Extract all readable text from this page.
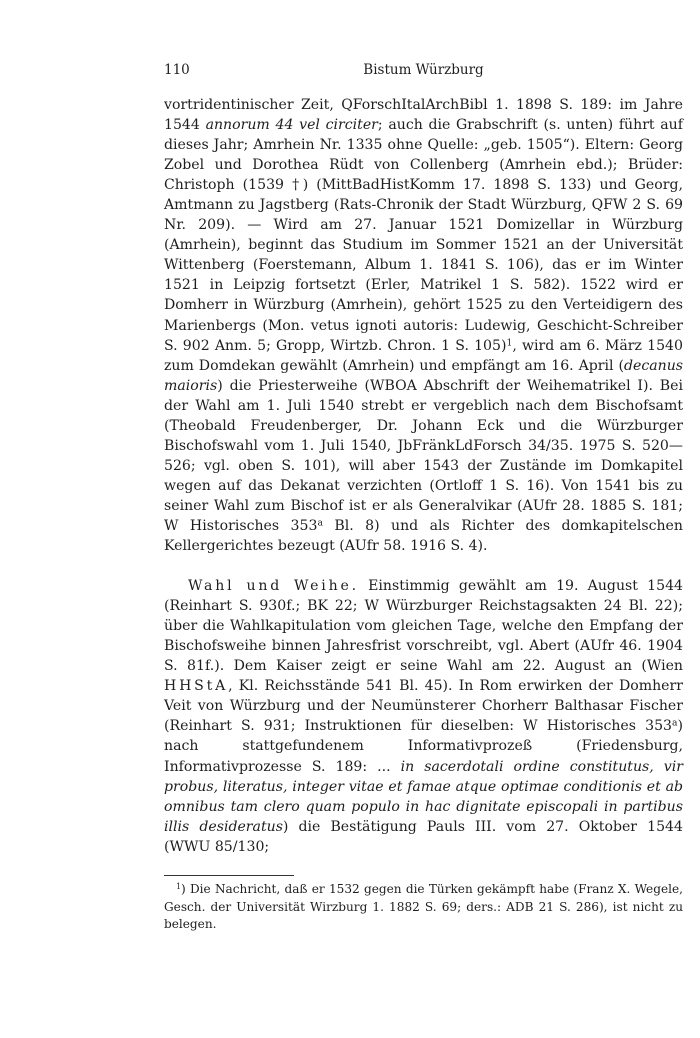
110	Bistum Würzburg

vortridentinischer Zeit, QForschItalArchBibl 1. 1898 S. 189: im Jahre 1544 annorum 44 vel circiter; auch die Grabschrift (s. unten) führt auf dieses Jahr; Amrhein Nr. 1335 ohne Quelle: „geb. 1505“). Eltern: Georg Zobel und Dorothea Rüdt von Collenberg (Amrhein ebd.); Brüder: Christoph (1539 †) (MittBadHistKomm 17. 1898 S. 133) und Georg, Amtmann zu Jagstberg (Rats-Chronik der Stadt Würzburg, QFW 2 S. 69 Nr. 209). — Wird am 27. Januar 1521 Domizellar in Würzburg (Amrhein), beginnt das Studium im Sommer 1521 an der Universität Wittenberg (Foerstemann, Album 1. 1841 S. 106), das er im Winter 1521 in Leipzig fortsetzt (Erler, Matrikel 1 S. 582). 1522 wird er Domherr in Würzburg (Amrhein), gehört 1525 zu den Verteidigern des Marienbergs (Mon. vetus ignoti autoris: Ludewig, Geschicht-Schreiber S. 902 Anm. 5; Gropp, Wirtzb. Chron. 1 S. 105)$^1$, wird am 6. März 1540 zum Domdekan gewählt (Amrhein) und empfängt am 16. April (decanus maioris) die Priesterweihe (WBOA Abschrift der Weihematrikel I). Bei der Wahl am 1. Juli 1540 strebt er vergeblich nach dem Bischofsamt (Theobald Freudenberger, Dr. Johann Eck und die Würzburger Bischofswahl vom 1. Juli 1540, JbFränkLdForsch 34/35. 1975 S. 520—526; vgl. oben S. 101), will aber 1543 der Zustände im Domkapitel wegen auf das Dekanat verzichten (Ortloff 1 S. 16). Von 1541 bis zu seiner Wahl zum Bischof ist er als Generalvikar (AUfr 28. 1885 S. 181; W Historisches 353$^a$ Bl. 8) und als Richter des domkapitelschen Kellergerichtes bezeugt (AUfr 58. 1916 S. 4).

Wahl und Weihe. Einstimmig gewählt am 19. August 1544 (Reinhart S. 930f.; BK 22; W Würzburger Reichstagsakten 24 Bl. 22); über die Wahlkapitulation vom gleichen Tage, welche den Empfang der Bischofsweihe binnen Jahresfrist vorschreibt, vgl. Abert (AUfr 46. 1904 S. 81f.). Dem Kaiser zeigt er seine Wahl am 22. August an (Wien HHStA, Kl. Reichsstände 541 Bl. 45). In Rom erwirken der Domherr Veit von Würzburg und der Neumünsterer Chorherr Balthasar Fischer (Reinhart S. 931; Instruktionen für dieselben: W Historisches 353$^a$) nach stattgefundenem Informativprozeß (Friedensburg, Informativprozesse S. 189: ... in sacerdotali ordine constitutus, vir probus, literatus, integer vitae et famae atque optimae conditionis et ab omnibus tam clero quam populo in hac dignitate episcopali in partibus illis desideratus) die Bestätigung Pauls III. vom 27. Oktober 1544 (WWU 85/130;

$^1$) Die Nachricht, daß er 1532 gegen die Türken gekämpft habe (Franz X. Wegele, Gesch. der Universität Wirzburg 1. 1882 S. 69; ders.: ADB 21 S. 286), ist nicht zu belegen.
